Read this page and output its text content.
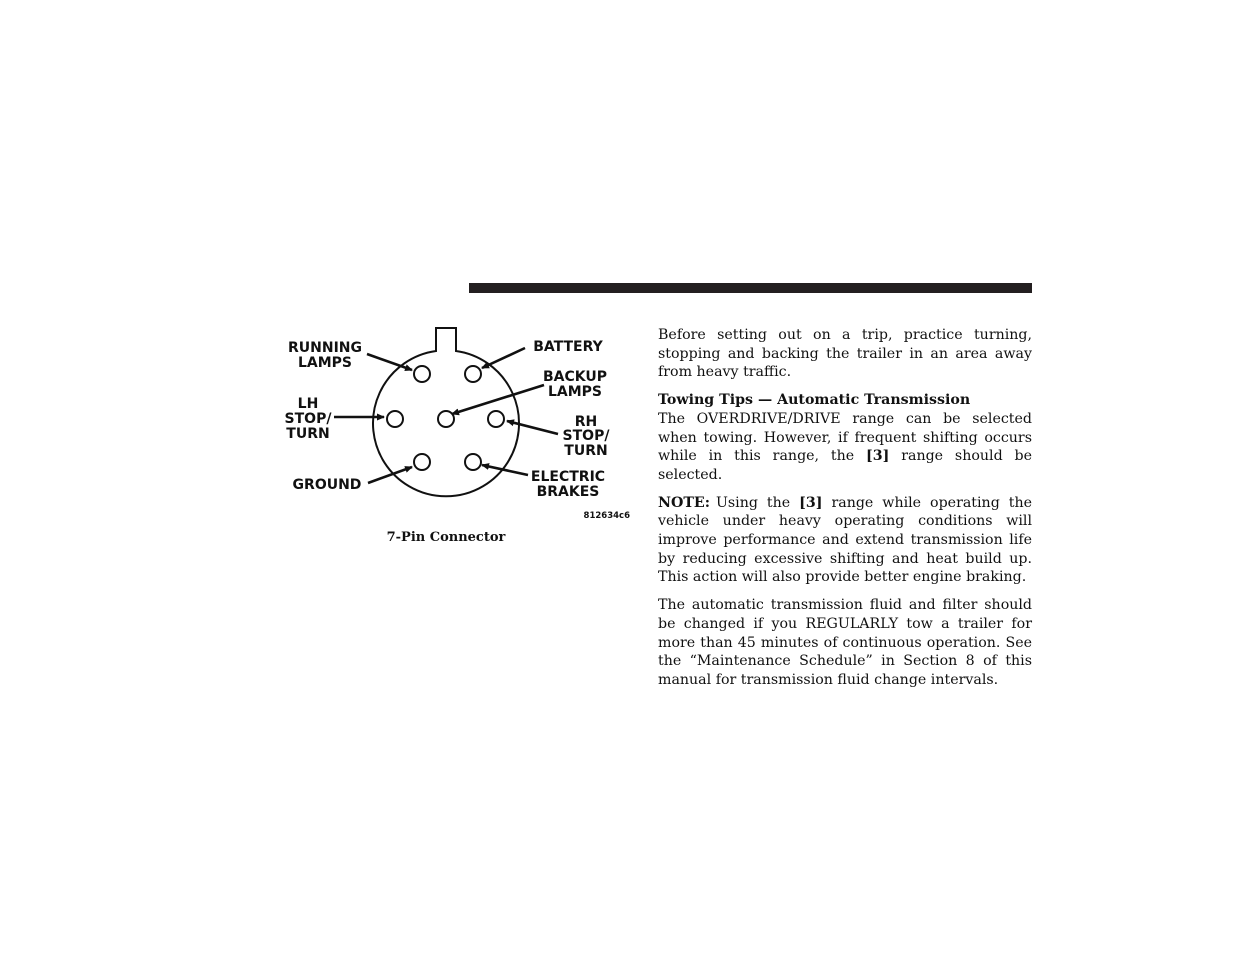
RUNNING
LAMPS
BATTERY
BACKUP
LAMPS
LH
STOP/
TURN
RH
STOP/
TURN
GROUND	ELECTRIC
BRAKES
812634c6
7-Pin Connector

Before setting out on a trip, practice turning, stopping and backing the trailer in an area away from heavy traffic.

Towing Tips — Automatic Transmission

The OVERDRIVE/DRIVE range can be selected when towing. However, if frequent shifting occurs while in this range, the [3] range should be selected.

NOTE: Using the [3] range while operating the vehicle under heavy operating conditions will improve performance and extend transmission life by reducing excessive shifting and heat build up. This action will also provide better engine braking.

The automatic transmission fluid and filter should be changed if you REGULARLY tow a trailer for more than 45 minutes of continuous operation. See the “Maintenance Schedule” in Section 8 of this manual for transmission fluid change intervals.
